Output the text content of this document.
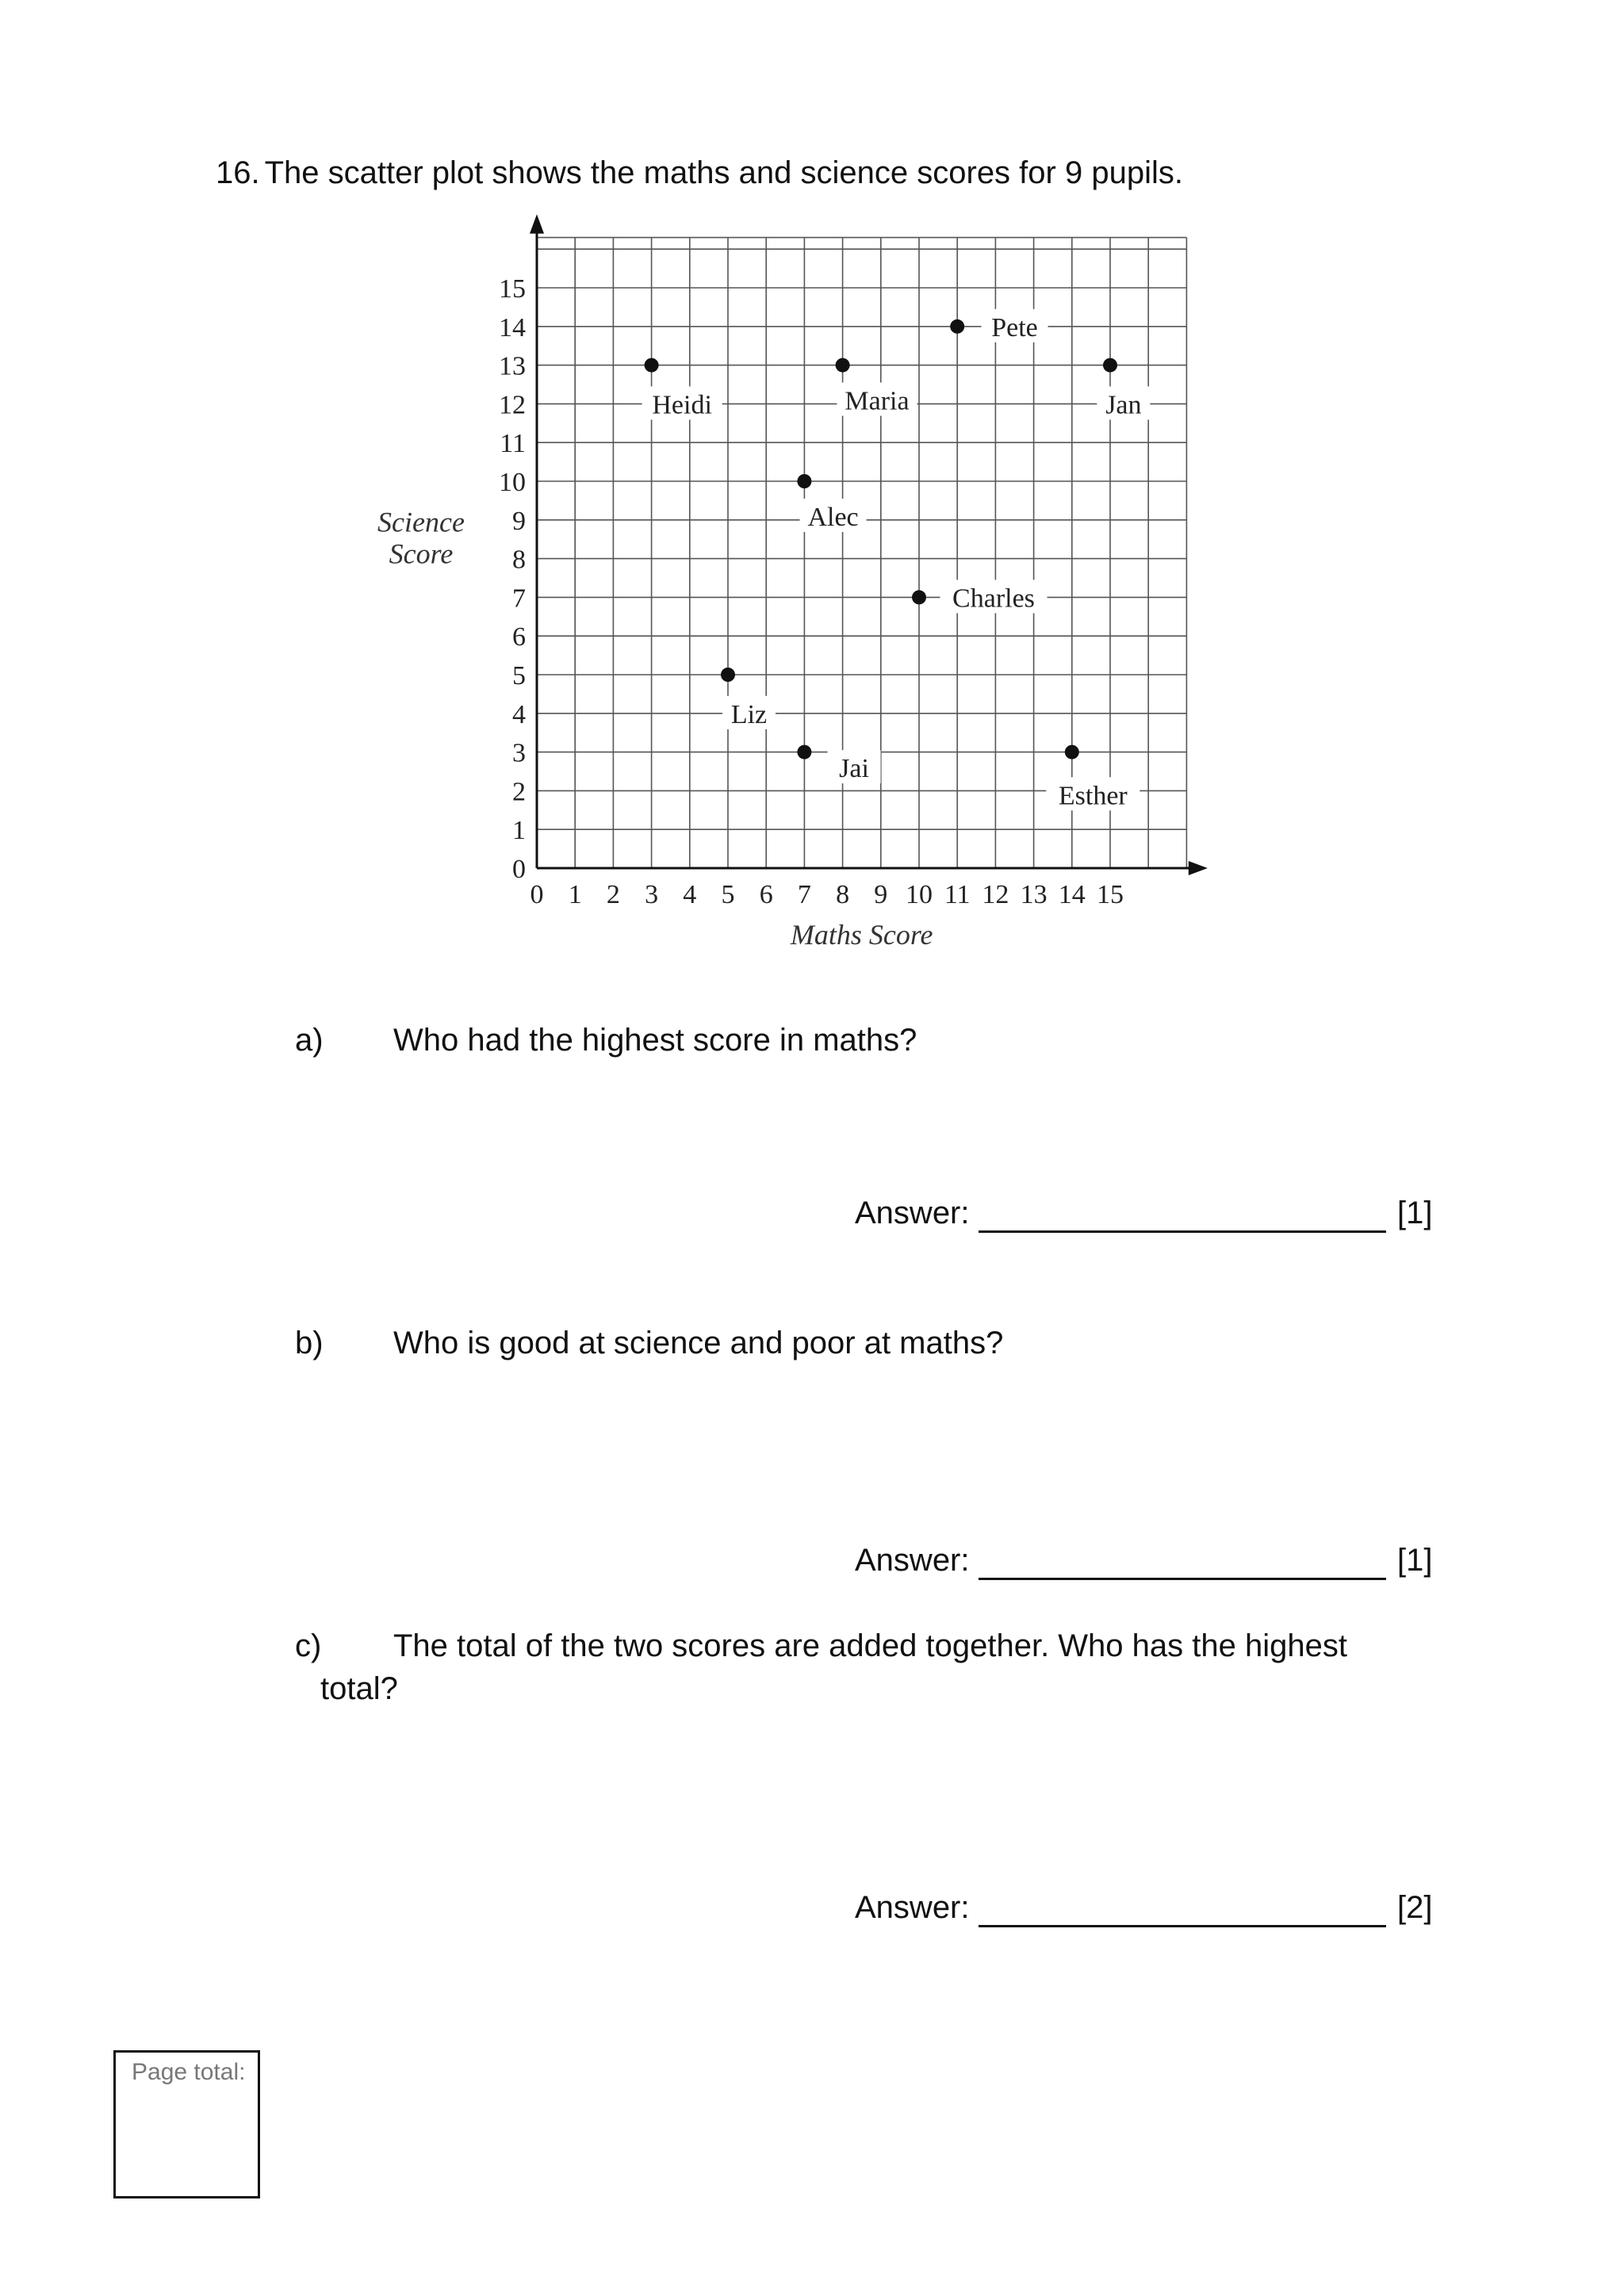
16. The scatter plot shows the maths and science scores for 9 pupils.
0
1
2
3
4
5
6
7
8
9
10
11
12
13
14
15
0 1 2 3 4 5 6 7 8 9 10 11 12 13 14 15
Maths Score
Science
Score
Heidi	Maria
Pete
Jan
Alec
Charles
Liz
Jai
Esther
a) Who had the highest score in maths?
Answer:	[1]
b) Who is good at science and poor at maths?
Answer:	[1]
c) The total of the two scores are added together. Who has the highest
total?
Answer:	[2]
Page total:
